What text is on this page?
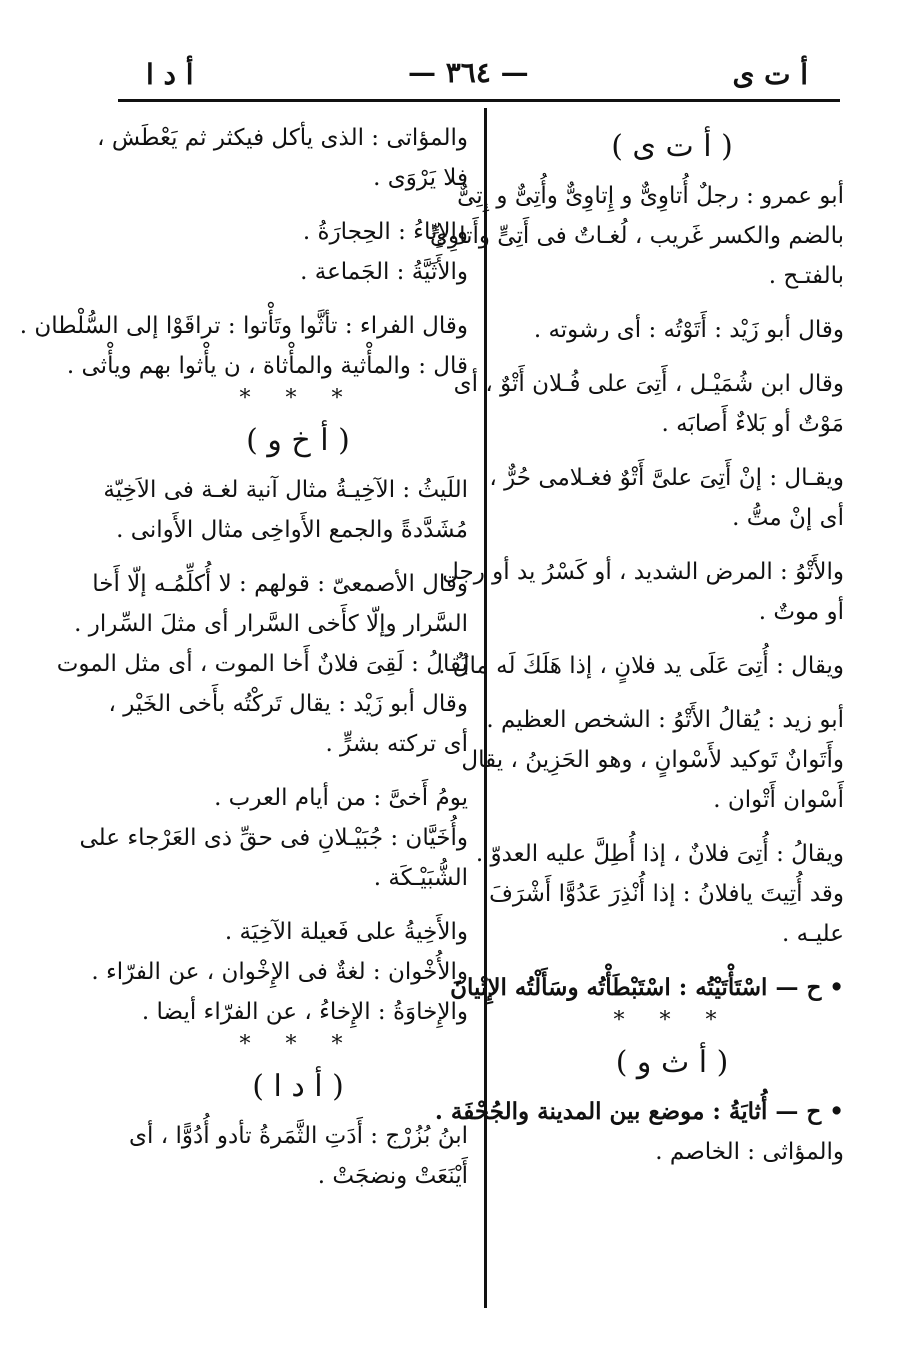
أ ت ى
— ٣٦٤ —
أ د ا
( أ ت ى )
أبو عمرو : رجلٌ أُتاوِىٌّ و إِتاوِىٌّ وأُتِىٌّ و إِتِىٌّ
بالضم والكسر غَريب ، لُغـاتٌ فى أَتِىٍّ وأَتاوِىٍّ
بالفتـح .
وقال أبو زَيْد : أَتَوْتُه : أى رشوته .
وقال ابن شُمَيْـل ، أَتِىَ على فُـلان أَتْوٌ ، أى
مَوْتٌ أو بَلاءٌ أَصابَه .
ويقـال : إنْ أَتِىَ علىَّ أَتْوٌ فغـلامى حُرٌّ ،
أى إنْ متُّ .
والأَتْوُ : المرض الشديد ، أو كَسْرُ يد أو رجل
أو موتٌ .
ويقال : أُتِىَ عَلَى يد فلانٍ ، إذا هَلَكَ لَه مالٌ .
أبو زيد : يُقالُ الأَتْوُ : الشخص العظيم .
وأَتَوانٌ تَوكيد لأَسْوانٍ ، وهو الحَزِينُ ، يقال
أَسْوان أَتْوان .
ويقالُ : أُتِىَ فلانٌ ، إذا أُطِلَّ عليه العدوّ .
وقد أُتِيتَ يافلانُ : إذا أُنْذِرَ عَدُوًّا أَشْرَفَ
عليـه .
• ح — اسْتَأْتَيْتُه : اسْتَبْطَأْتُه وسَأَلْتُه الإِتْيانَ
* * *
( أ ث و )
• ح — أُثايَةُ : موضع بين المدينة والجُحْفَة .
والمؤاثى : الخاصم .
والمؤاتى : الذى يأكل فيكثر ثم يَعْطَش ،
فلا يَرْوَى .
والإِثاءُ : الحِجارَةُ .
والأَثَيَّةُ : الجَماعة .
وقال الفراء : تأثَّوا وتَأْتوا : تراقَوْا إلى السُّلْطان .
قال : والمأْثية والمأْثاة ، ن يأْثوا بهم ويأْثى .
* * *
( أ خ و )
اللَيثُ : الآخِيـةُ مثال آنية لغـة فى الاَخِيّة
مُشَدَّدةً والجمع الأَواخِى مثال الأَوانى .
وقال الأصمعىّ : قولهم : لا أُكلِّمُـه إلّا أَخا
السَّرار وإلّا كأَخى السَّرار أى مثلَ السِّرار .
يُقالُ : لَقِىَ فلانٌ أَخا الموت ، أى مثل الموت
وقال أبو زَيْد : يقال تَركْتُه بأَخى الخَيْر ،
أى تركته بشرٍّ .
يومُ أَخىَّ : من أيام العرب .
وأُخَيَّان : جُبَيْـلانِ فى حقِّ ذى العَرْجاء على
الشُّبَيْـكَة .
والأَخِيةُ على فَعيلة الآخِيَة .
والأُخْوان : لغةٌ فى الإِخْوان ، عن الفرّاء .
والإِخاوَةُ : الإِخاءُ ، عن الفرّاء أيضا .
* * *
( أ د ا )
ابنُ بُزُرْج : أَدَتِ الثَّمَرةُ تأدو أُدُوًّا ، أى
أَيْنَعَتْ ونضجَتْ .
